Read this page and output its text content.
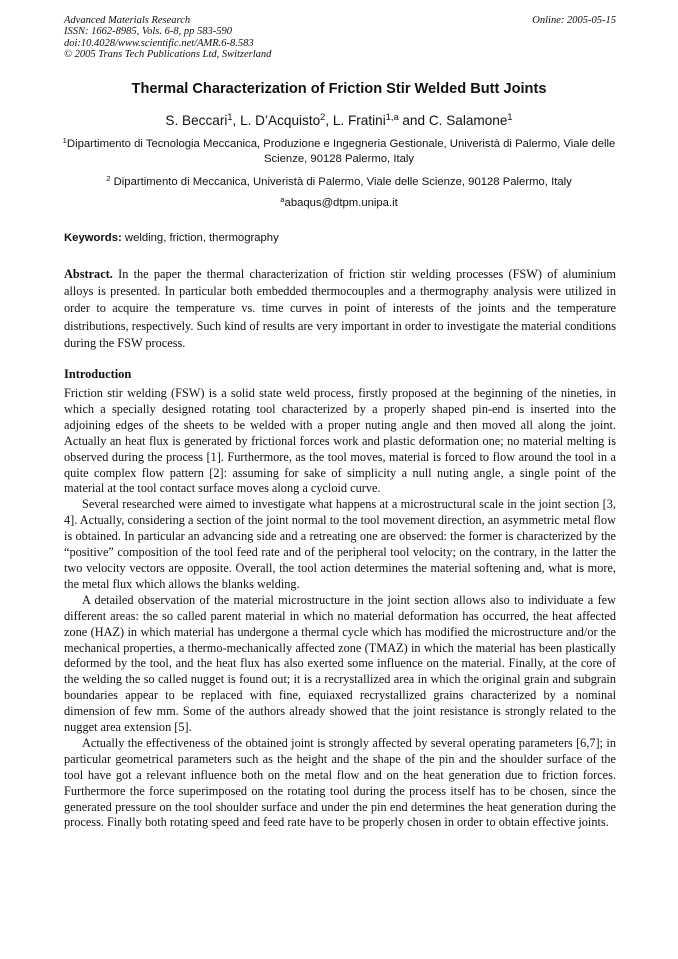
Advanced Materials Research
ISSN: 1662-8985, Vols. 6-8, pp 583-590
doi:10.4028/www.scientific.net/AMR.6-8.583
© 2005 Trans Tech Publications Ltd, Switzerland
Online: 2005-05-15
Thermal Characterization of Friction Stir Welded Butt Joints
S. Beccari$^1$, L. D’Acquisto$^2$, L. Fratini$^{1,a}$ and C. Salamone$^1$
$^1$Dipartimento di Tecnologia Meccanica, Produzione e Ingegneria Gestionale, Univeristà di Palermo, Viale delle Scienze, 90128 Palermo, Italy
$^2$ Dipartimento di Meccanica, Univeristà di Palermo, Viale delle Scienze, 90128 Palermo, Italy
$^a$abaqus@dtpm.unipa.it
Keywords: welding, friction, thermography

Abstract. In the paper the thermal characterization of friction stir welding processes (FSW) of aluminium alloys is presented. In particular both embedded thermocouples and a thermography analysis were utilized in order to acquire the temperature vs. time curves in point of interests of the joints and the temperature distributions, respectively. Such kind of results are very important in order to investigate the material conditions during the FSW process.

Introduction

Friction stir welding (FSW) is a solid state weld process, firstly proposed at the beginning of the nineties, in which a specially designed rotating tool characterized by a properly shaped pin-end is inserted into the adjoining edges of the sheets to be welded with a proper nuting angle and then moved all along the joint. Actually an heat flux is generated by frictional forces work and plastic deformation one; no material melting is observed during the process [1]. Furthermore, as the tool moves, material is forced to flow around the tool in a quite complex flow pattern [2]: assuming for sake of simplicity a null nuting angle, a single point of the material at the tool contact surface moves along a cycloid curve.

Several researched were aimed to investigate what happens at a microstructural scale in the joint section [3, 4]. Actually, considering a section of the joint normal to the tool movement direction, an asymmetric metal flow is obtained. In particular an advancing side and a retreating one are observed: the former is characterized by the “positive” composition of the tool feed rate and of the peripheral tool velocity; on the contrary, in the latter the two velocity vectors are opposite. Overall, the tool action determines the material softening and, what is more, the metal flux which allows the blanks welding.

A detailed observation of the material microstructure in the joint section allows also to individuate a few different areas: the so called parent material in which no material deformation has occurred, the heat affected zone (HAZ) in which material has undergone a thermal cycle which has modified the microstructure and/or the mechanical properties, a thermo-mechanically affected zone (TMAZ) in which the material has been plastically deformed by the tool, and the heat flux has also exerted some influence on the material. Finally, at the core of the welding the so called nugget is found out; it is a recrystallized area in which the original grain and subgrain boundaries appear to be replaced with fine, equiaxed recrystallized grains characterized by a nominal dimension of few mm. Some of the authors already showed that the joint resistance is strongly related to the nugget area extension [5].

Actually the effectiveness of the obtained joint is strongly affected by several operating parameters [6,7]; in particular geometrical parameters such as the height and the shape of the pin and the shoulder surface of the tool have got a relevant influence both on the metal flow and on the heat generation due to friction forces. Furthermore the force superimposed on the rotating tool during the process itself has to be chosen, since the generated pressure on the tool shoulder surface and under the pin end determines the heat generation during the process. Finally both rotating speed and feed rate have to be properly chosen in order to obtain effective joints.
